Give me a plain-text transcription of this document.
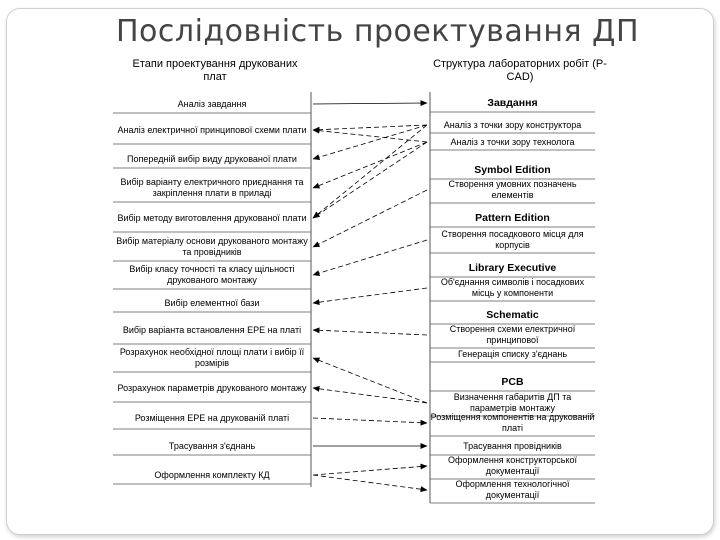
Послідовність проектування ДП
Етапи проектування друкованих плат
Структура лабораторних робіт (P-CAD)
Аналіз завдання
Аналіз електричної принципової схеми плати
Попередній вибір виду друкованої плати
Вибір варіанту електричного приєднання та закріплення плати в приладі
Вибір методу виготовлення друкованої плати
Вибір матеріалу основи друкованого монтажу та провідників
Вибір класу точності та класу щільності друкованого монтажу
Вибір елементної бази
Вибір варіанта встановлення ЕРЕ на платі
Розрахунок необхідної площі плати і вибір її розмірів
Розрахунок параметрів друкованого монтажу
Розміщення ЕРЕ на друкованій платі
Трасування з'єднань
Оформлення комплекту КД
Завдання
Аналіз з точки зору конструктора
Аналіз з точки зору технолога
Symbol Edition
Створення умовних позначень елементів
Pattern Edition
Створення посадкового місця для корпусів
Library Executive
Об'єднання символів і посадкових місць у компоненти
Schematic
Створення схеми електричної принципової
Генерація списку з'єднань
PCB
Визначення габаритів ДП та параметрів монтажу
Розміщення компонентів на друкованій платі
Трасування провідників
Оформлення конструкторської документації
Оформлення технологічної документації
